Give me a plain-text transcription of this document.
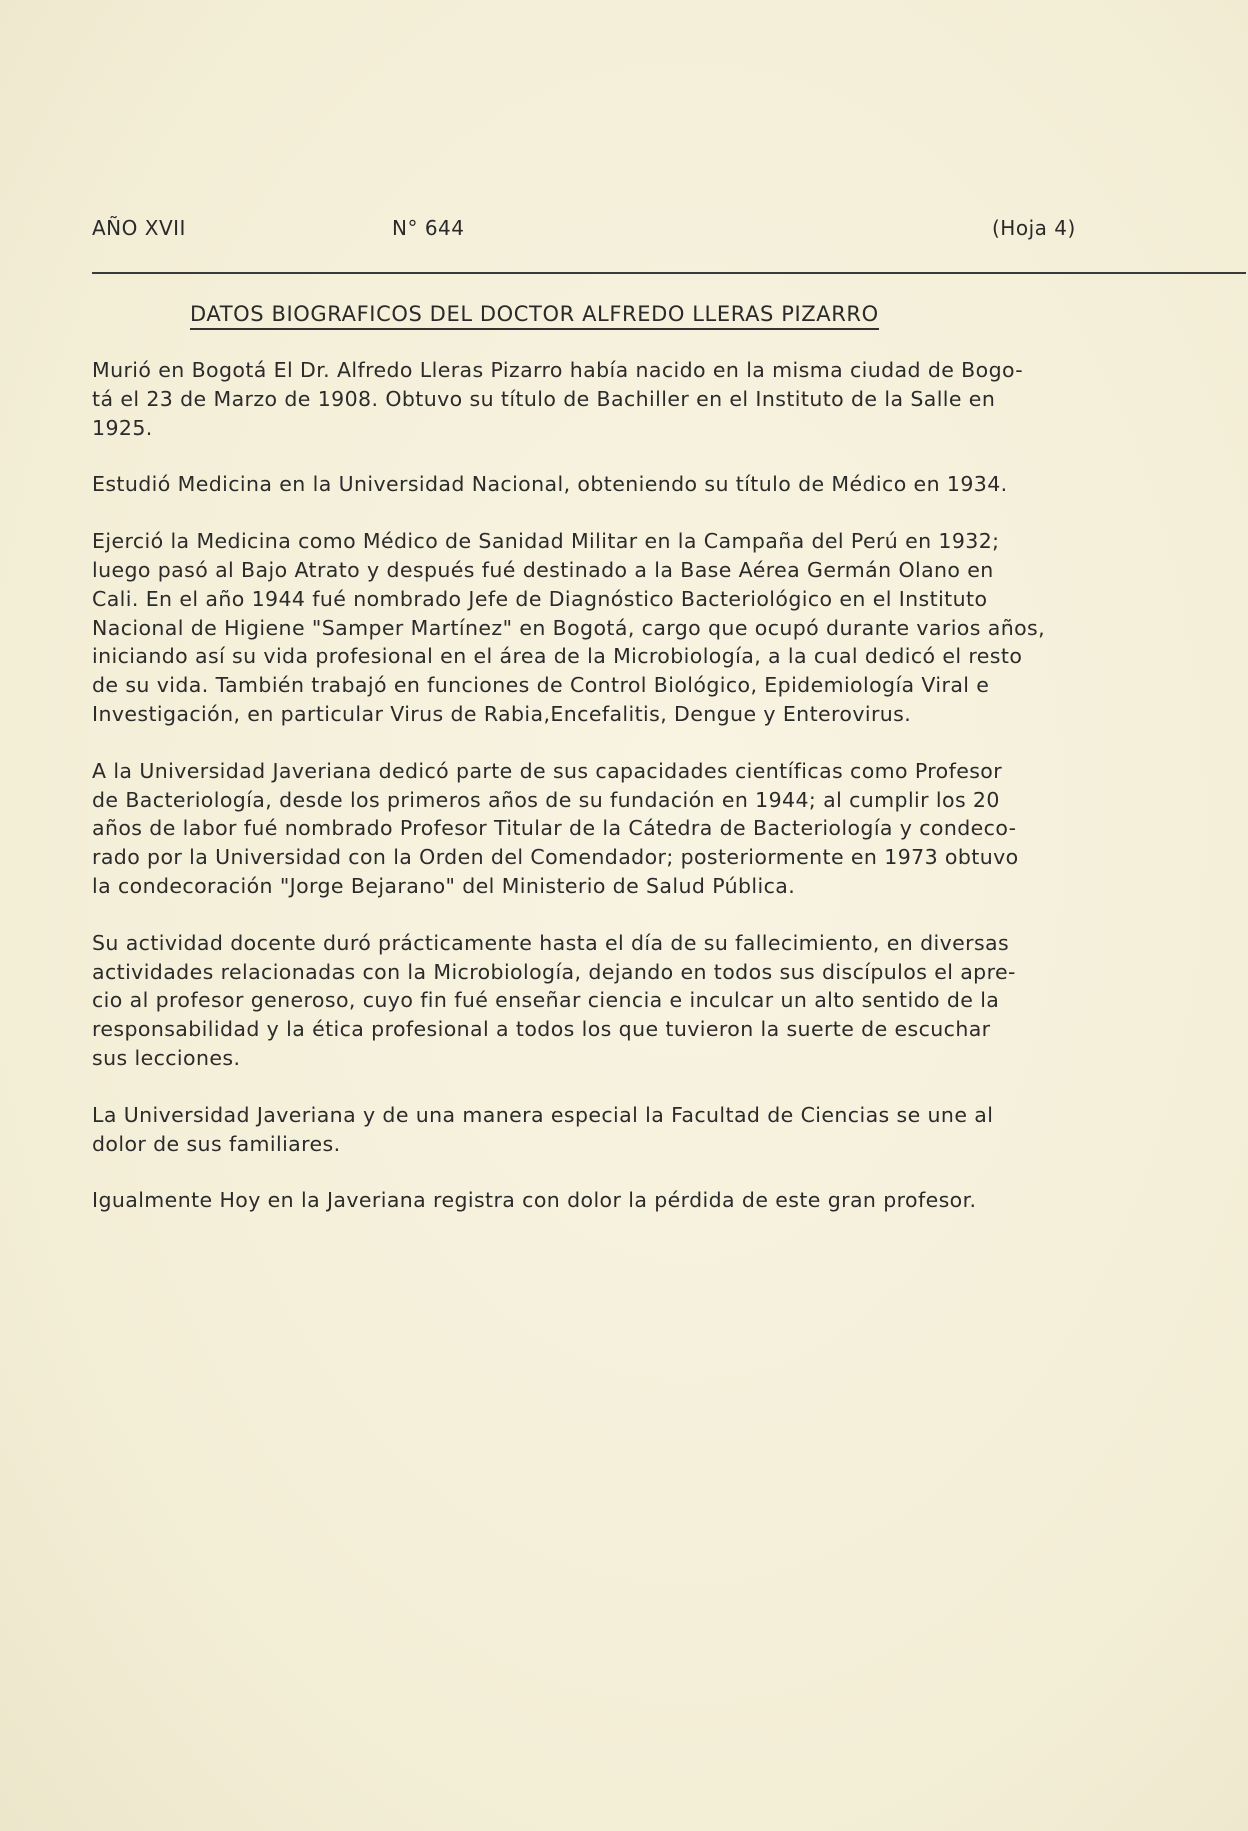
AÑO XVII	N° 644	(Hoja 4)
DATOS BIOGRAFICOS DEL DOCTOR ALFREDO LLERAS PIZARRO

Murió en Bogotá El Dr. Alfredo Lleras Pizarro había nacido en la misma ciudad de Bogo-
tá el 23 de Marzo de 1908. Obtuvo su título de Bachiller en el Instituto de la Salle en
1925.

Estudió Medicina en la Universidad Nacional, obteniendo su título de Médico en 1934.

Ejerció la Medicina como Médico de Sanidad Militar en la Campaña del Perú en 1932;
luego pasó al Bajo Atrato y después fué destinado a la Base Aérea Germán Olano en
Cali. En el año 1944 fué nombrado Jefe de Diagnóstico Bacteriológico en el Instituto
Nacional de Higiene "Samper Martínez" en Bogotá, cargo que ocupó durante varios años,
iniciando así su vida profesional en el área de la Microbiología, a la cual dedicó el resto
de su vida. También trabajó en funciones de Control Biológico, Epidemiología Viral e
Investigación, en particular Virus de Rabia,Encefalitis, Dengue y Enterovirus.

A la Universidad Javeriana dedicó parte de sus capacidades científicas como Profesor
de Bacteriología, desde los primeros años de su fundación en 1944; al cumplir los 20
años de labor fué nombrado Profesor Titular de la Cátedra de Bacteriología y condeco-
rado por la Universidad con la Orden del Comendador; posteriormente en 1973 obtuvo
la condecoración "Jorge Bejarano" del Ministerio de Salud Pública.

Su actividad docente duró prácticamente hasta el día de su fallecimiento, en diversas
actividades relacionadas con la Microbiología, dejando en todos sus discípulos el apre-
cio al profesor generoso, cuyo fin fué enseñar ciencia e inculcar un alto sentido de la
responsabilidad y la ética profesional a todos los que tuvieron la suerte de escuchar
sus lecciones.

La Universidad Javeriana y de una manera especial la Facultad de Ciencias se une al
dolor de sus familiares.

Igualmente Hoy en la Javeriana registra con dolor la pérdida de este gran profesor.
